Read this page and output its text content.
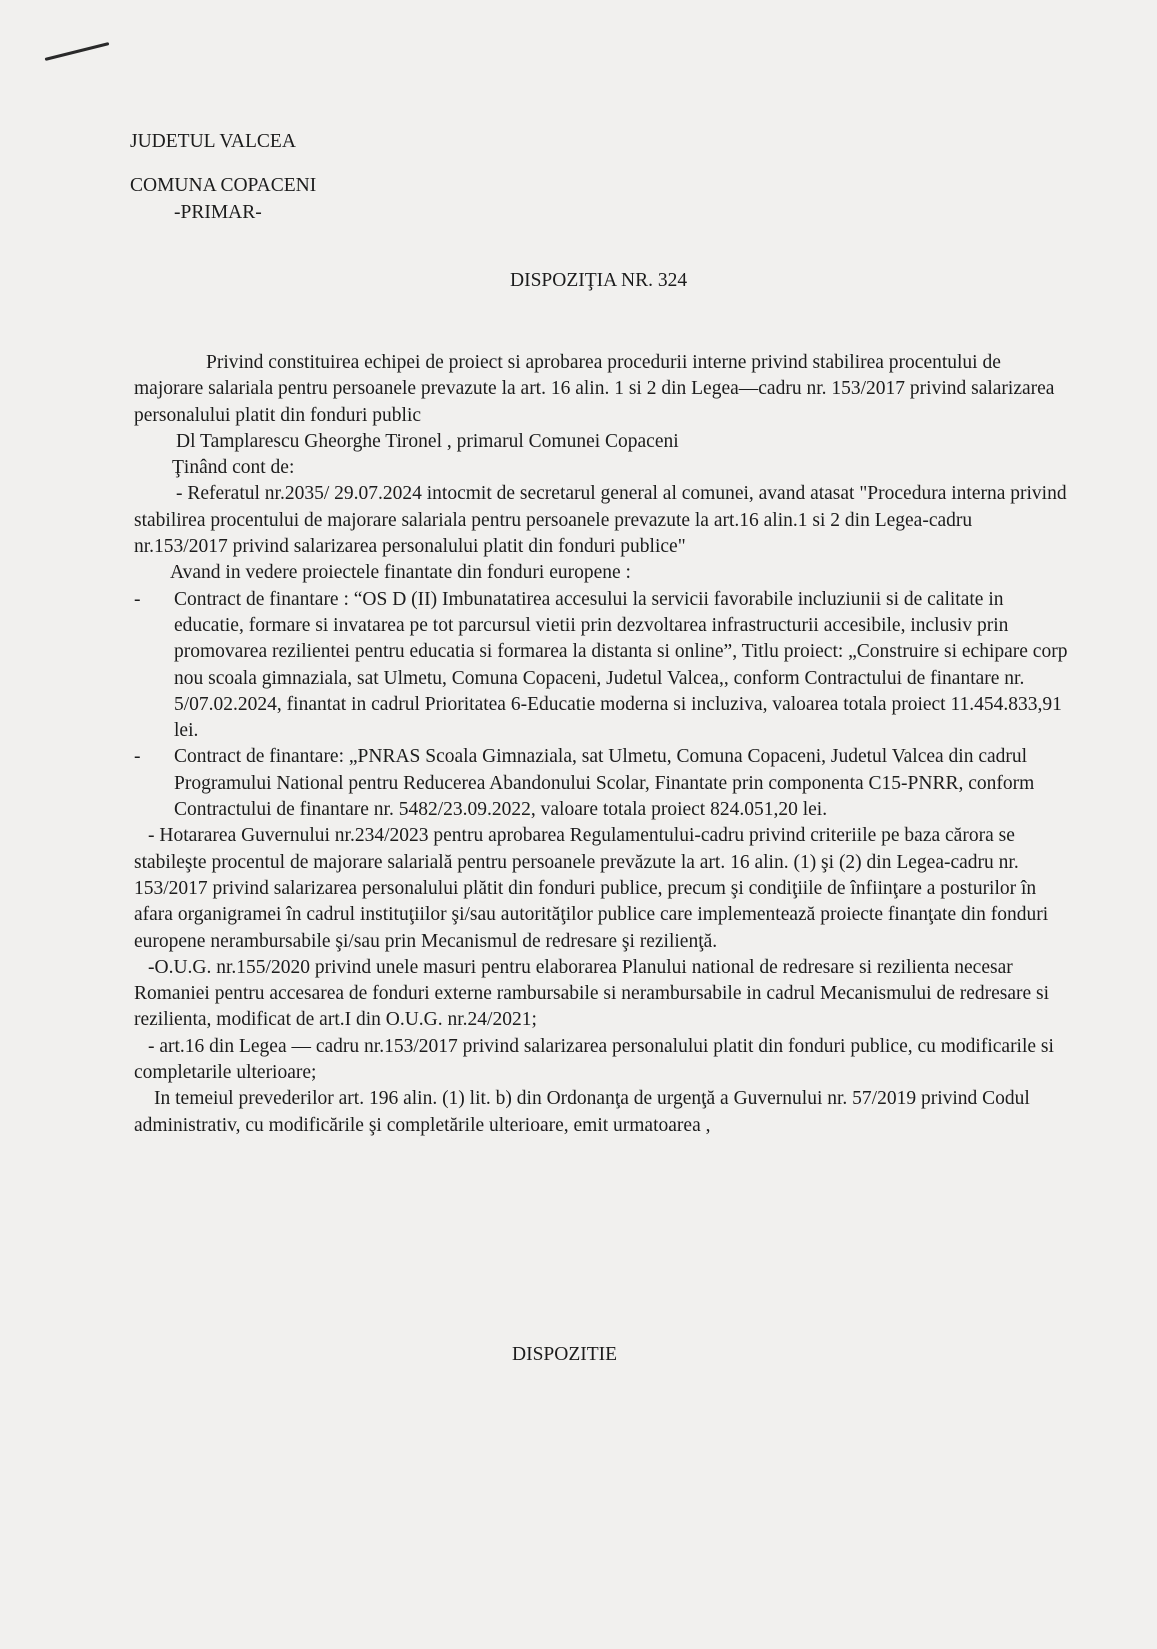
JUDETUL VALCEA
COMUNA COPACENI
-PRIMAR-
DISPOZIŢIA NR. 324

Privind constituirea echipei de proiect si aprobarea procedurii interne privind stabilirea procentului de majorare salariala pentru persoanele prevazute la art. 16 alin. 1 si 2 din Legea—cadru nr. 153/2017 privind salarizarea personalului platit din fonduri public

Dl Tamplarescu Gheorghe Tironel , primarul Comunei Copaceni

Ţinând cont de:

- Referatul nr.2035/ 29.07.2024 intocmit de secretarul general al comunei, avand atasat "Procedura interna privind stabilirea procentului de majorare salariala pentru persoanele prevazute la art.16 alin.1 si 2 din Legea-cadru nr.153/2017 privind salarizarea personalului platit din fonduri publice"

Avand in vedere proiectele finantate din fonduri europene :

- Contract de finantare : “OS D (II) Imbunatatirea accesului la servicii favorabile incluziunii si de calitate in educatie, formare si invatarea pe tot parcursul vietii prin dezvoltarea infrastructurii accesibile, inclusiv prin promovarea rezilientei pentru educatia si formarea la distanta si online”, Titlu proiect: „Construire si echipare corp nou scoala gimnaziala, sat Ulmetu, Comuna Copaceni, Judetul Valcea,, conform Contractului de finantare nr. 5/07.02.2024, finantat in cadrul Prioritatea 6-Educatie moderna si incluziva, valoarea totala proiect 11.454.833,91 lei.
- Contract de finantare: „PNRAS Scoala Gimnaziala, sat Ulmetu, Comuna Copaceni, Judetul Valcea din cadrul Programului National pentru Reducerea Abandonului Scolar, Finantate prin componenta C15-PNRR, conform Contractului de finantare nr. 5482/23.09.2022, valoare totala proiect 824.051,20 lei.

- Hotararea Guvernului nr.234/2023 pentru aprobarea Regulamentului-cadru privind criteriile pe baza cărora se stabileşte procentul de majorare salarială pentru persoanele prevăzute la art. 16 alin. (1) şi (2) din Legea-cadru nr. 153/2017 privind salarizarea personalului plătit din fonduri publice, precum şi condiţiile de înfiinţare a posturilor în afara organigramei în cadrul instituţiilor şi/sau autorităţilor publice care implementează proiecte finanţate din fonduri europene nerambursabile şi/sau prin Mecanismul de redresare şi rezilienţă.

-O.U.G. nr.155/2020 privind unele masuri pentru elaborarea Planului national de redresare si rezilienta necesar Romaniei pentru accesarea de fonduri externe rambursabile si nerambursabile in cadrul Mecanismului de redresare si rezilienta, modificat de art.I din O.U.G. nr.24/2021;

- art.16 din Legea — cadru nr.153/2017 privind salarizarea personalului platit din fonduri publice, cu modificarile si completarile ulterioare;

In temeiul prevederilor art. 196 alin. (1) lit. b) din Ordonanţa de urgenţă a Guvernului nr. 57/2019 privind Codul administrativ, cu modificările şi completările ulterioare, emit urmatoarea ,

DISPOZITIE
